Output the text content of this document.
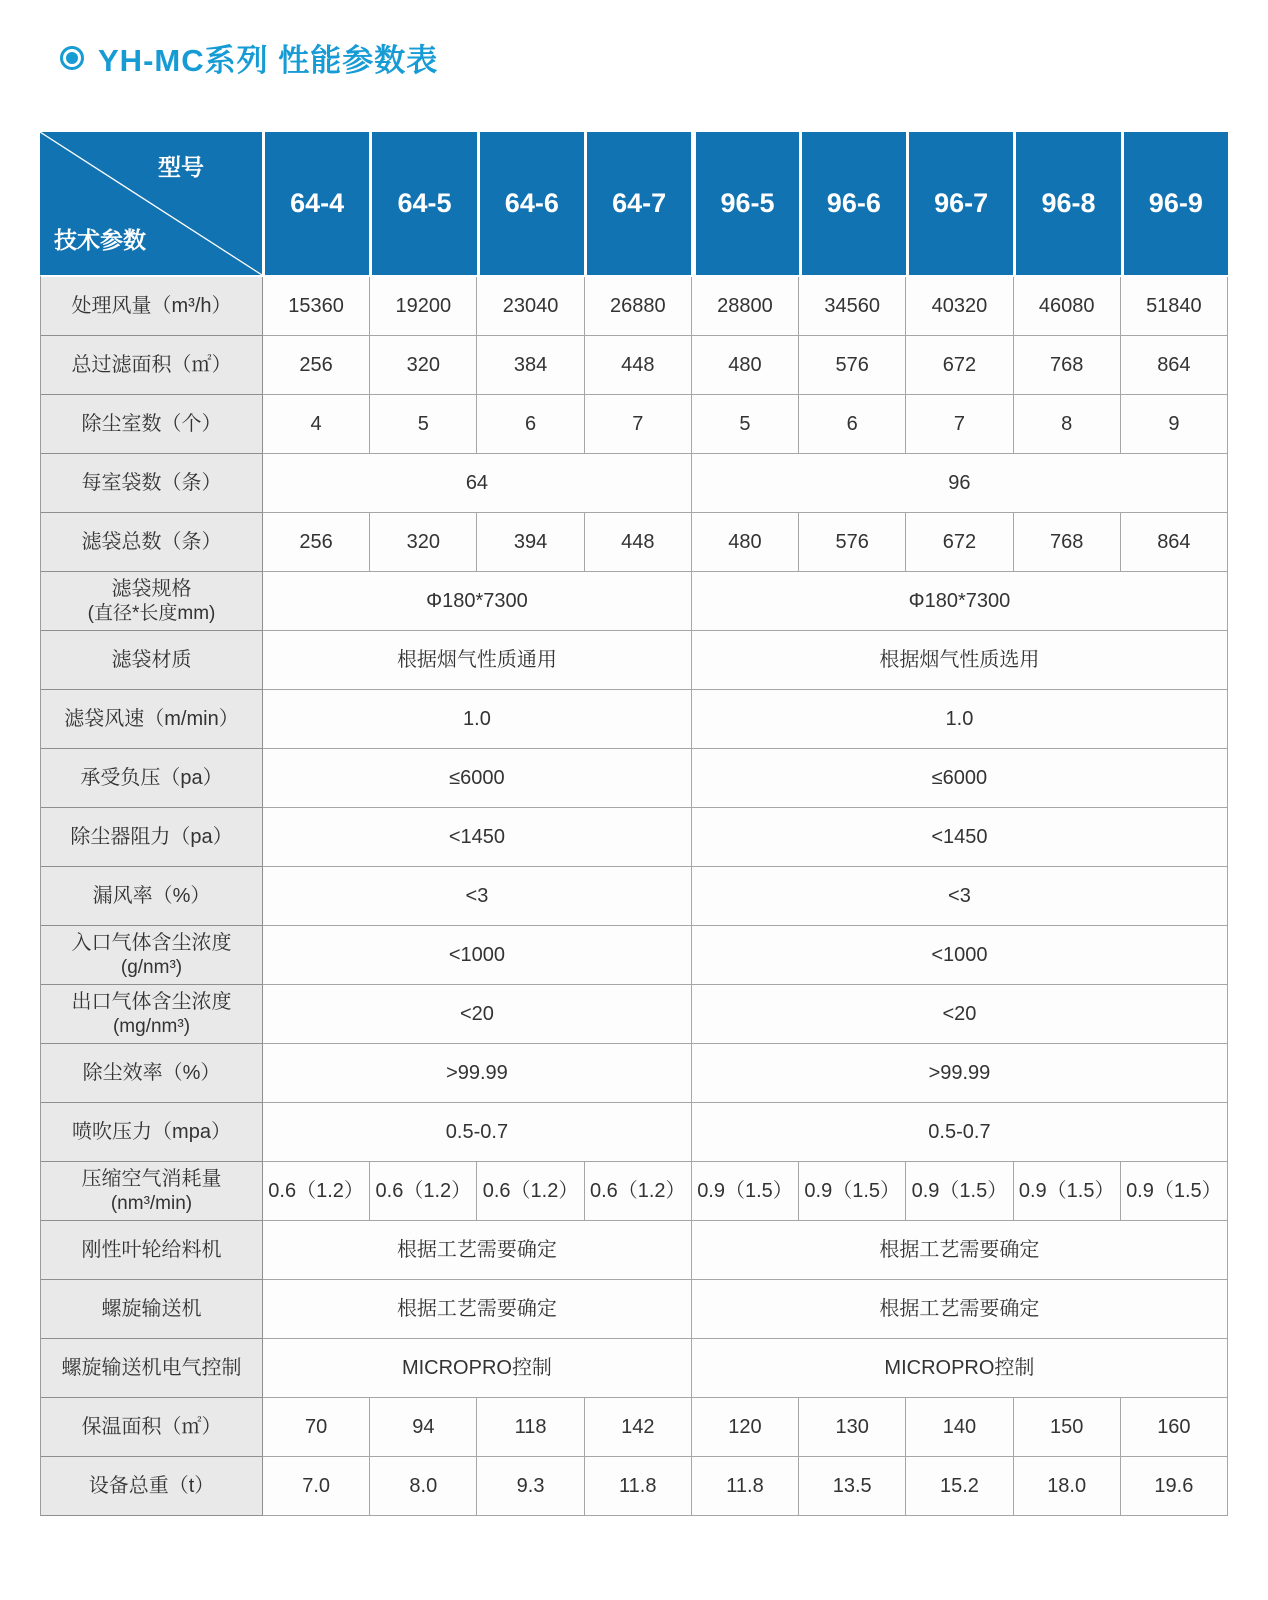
YH-MC系列 性能参数表
型号
技术参数
64-4	64-5	64-6	64-7	96-5	96-6	96-7	96-8	96-9
处理风量（m³/h）	15360	19200	23040	26880	28800	34560	40320	46080	51840
总过滤面积（㎡）	256	320	384	448	480	576	672	768	864
除尘室数（个）	4	5	6	7	5	6	7	8	9
每室袋数（条）	64	96
滤袋总数（条）	256	320	394	448	480	576	672	768	864
滤袋规格
(直径*长度mm)
Φ180*7300	Φ180*7300
滤袋材质	根据烟气性质通用	根据烟气性质选用
滤袋风速（m/min）	1.0	1.0
承受负压（pa）	≤6000	≤6000
除尘器阻力（pa）	<1450	<1450
漏风率（%）	<3	<3
入口气体含尘浓度
(g/nm³)
<1000	<1000
出口气体含尘浓度
(mg/nm³)
<20	<20
除尘效率（%）	>99.99	>99.99
喷吹压力（mpa）	0.5-0.7	0.5-0.7
压缩空气消耗量
(nm³/min)
0.6（1.2） 0.6（1.2） 0.6（1.2） 0.6（1.2） 0.9（1.5） 0.9（1.5） 0.9（1.5） 0.9（1.5） 0.9（1.5）
刚性叶轮给料机	根据工艺需要确定	根据工艺需要确定
螺旋输送机	根据工艺需要确定	根据工艺需要确定
螺旋输送机电气控制	MICROPRO控制	MICROPRO控制
保温面积（㎡）	70	94	118	142	120	130	140	150	160
设备总重（t）	7.0	8.0	9.3	11.8	11.8	13.5	15.2	18.0	19.6
